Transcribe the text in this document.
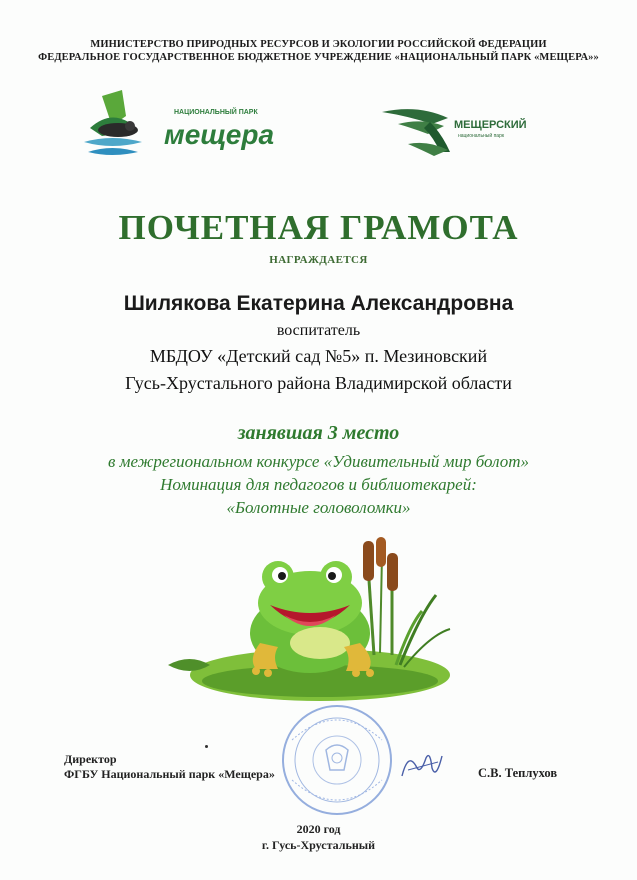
МИНИСТЕРСТВО ПРИРОДНЫХ РЕСУРСОВ И ЭКОЛОГИИ РОССИЙСКОЙ ФЕДЕРАЦИИ
ФЕДЕРАЛЬНОЕ ГОСУДАРСТВЕННОЕ БЮДЖЕТНОЕ УЧРЕЖДЕНИЕ «НАЦИОНАЛЬНЫЙ ПАРК «МЕЩЕРА»»
НАЦИОНАЛЬНЫЙ ПАРК
мещера	МЕЩЕРСКИЙ
национальный парк
ПОЧЕТНАЯ ГРАМОТА
НАГРАЖДАЕТСЯ
Шилякова Екатерина Александровна
воспитатель
МБДОУ «Детский сад №5» п. Мезиновский
Гусь-Хрустального района Владимирской области
занявшая 3 место
в межрегиональном конкурсе «Удивительный мир болот»
Номинация для педагогов и библиотекарей:
«Болотные головоломки»
Директор
ФГБУ Национальный парк «Мещера»	С.В. Теплухов
2020 год
г. Гусь-Хрустальный
